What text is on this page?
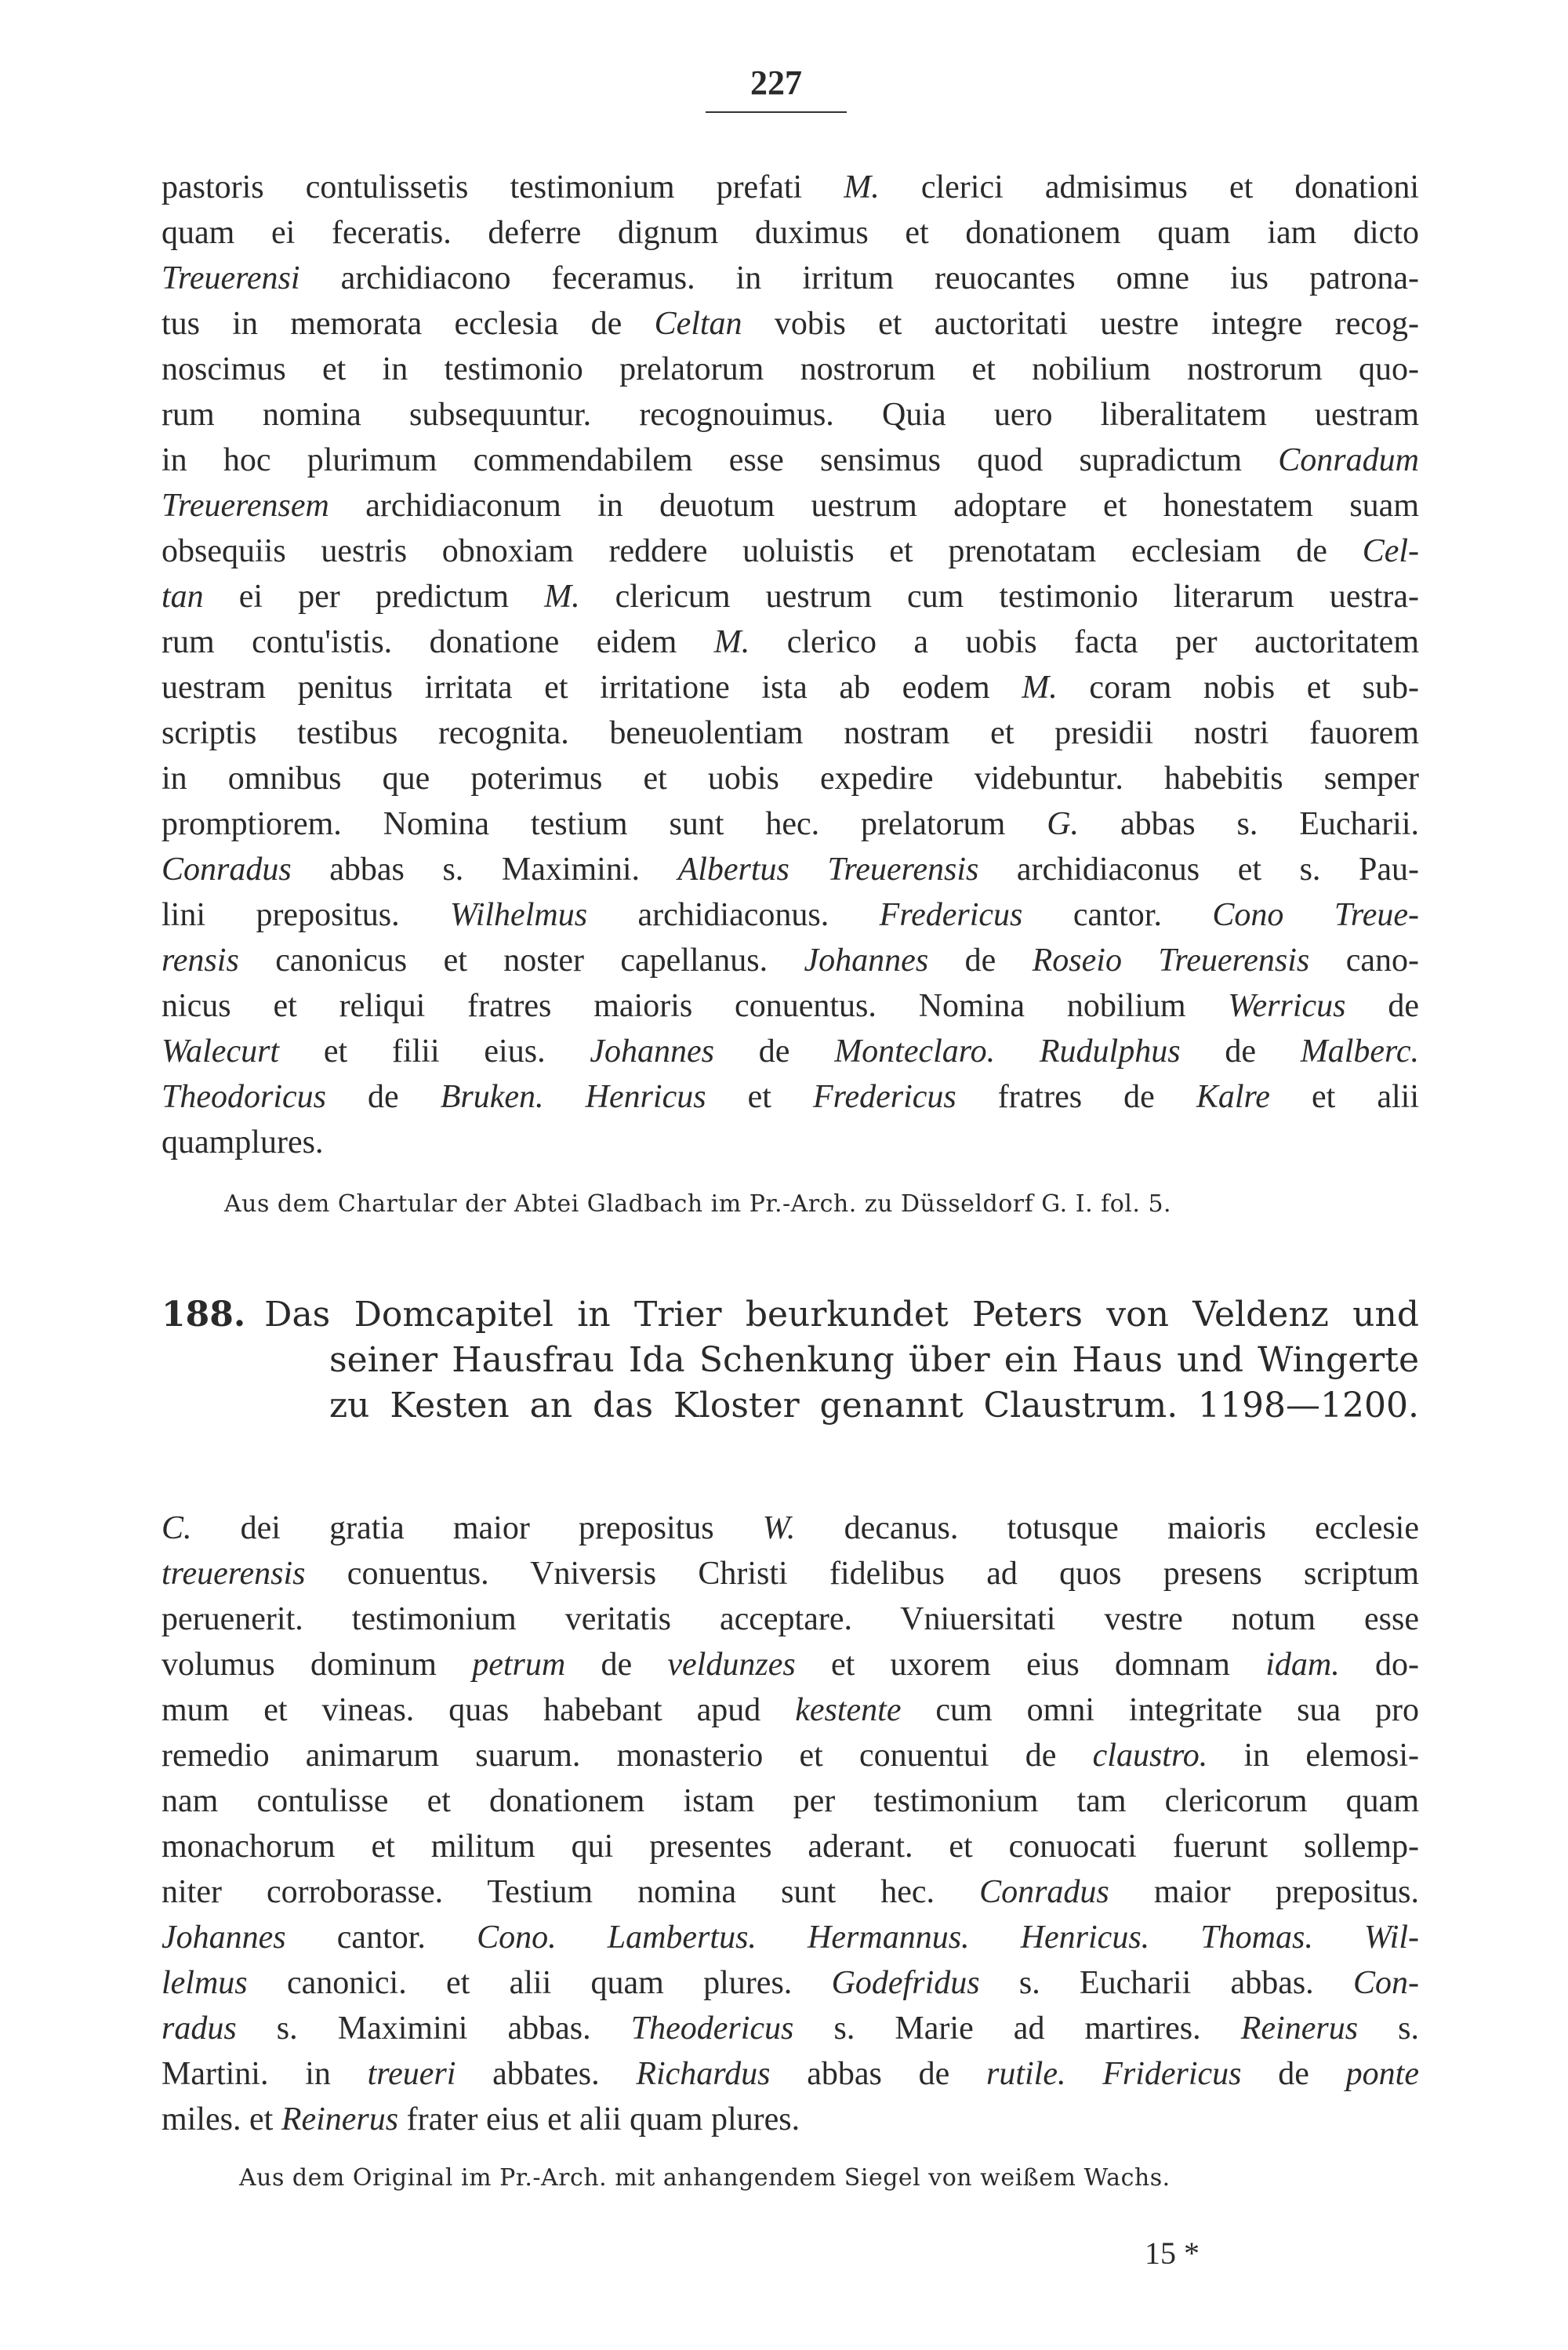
227
pastoris contulissetis testimonium prefati M. clerici admisimus et donationi
quam ei feceratis. deferre dignum duximus et donationem quam iam dicto
Treuerensi archidiacono feceramus. in irritum reuocantes omne ius patrona-
tus in memorata ecclesia de Celtan vobis et auctoritati uestre integre recog-
noscimus et in testimonio prelatorum nostrorum et nobilium nostrorum quo-
rum nomina subsequuntur. recognouimus. Quia uero liberalitatem uestram
in hoc plurimum commendabilem esse sensimus quod supradictum Conradum
Treuerensem archidiaconum in deuotum uestrum adoptare et honestatem suam
obsequiis uestris obnoxiam reddere uoluistis et prenotatam ecclesiam de Cel-
tan ei per predictum M. clericum uestrum cum testimonio literarum uestra-
rum contu'istis. donatione eidem M. clerico a uobis facta per auctoritatem
uestram penitus irritata et irritatione ista ab eodem M. coram nobis et sub-
scriptis testibus recognita. beneuolentiam nostram et presidii nostri fauorem
in omnibus que poterimus et uobis expedire videbuntur. habebitis semper
promptiorem. Nomina testium sunt hec. prelatorum G. abbas s. Eucharii.
Conradus abbas s. Maximini. Albertus Treuerensis archidiaconus et s. Pau-
lini prepositus. Wilhelmus archidiaconus. Fredericus cantor. Cono Treue-
rensis canonicus et noster capellanus. Johannes de Roseio Treuerensis cano-
nicus et reliqui fratres maioris conuentus. Nomina nobilium Werricus de
Walecurt et filii eius. Johannes de Monteclaro. Rudulphus de Malberc.
Theodoricus de Bruken. Henricus et Fredericus fratres de Kalre et alii
quamplures.
Aus dem Chartular der Abtei Gladbach im Pr.-Arch. zu Düsseldorf G. I. fol. 5.
188. Das Domcapitel in Trier beurkundet Peters von Veldenz und
seiner Hausfrau Ida Schenkung über ein Haus und Wingerte
zu Kesten an das Kloster genannt Claustrum. 1198—1200.
C. dei gratia maior prepositus W. decanus. totusque maioris ecclesie
treuerensis conuentus. Vniversis Christi fidelibus ad quos presens scriptum
peruenerit. testimonium veritatis acceptare. Vniuersitati vestre notum esse
volumus dominum petrum de veldunzes et uxorem eius domnam idam. do-
mum et vineas. quas habebant apud kestente cum omni integritate sua pro
remedio animarum suarum. monasterio et conuentui de claustro. in elemosi-
nam contulisse et donationem istam per testimonium tam clericorum quam
monachorum et militum qui presentes aderant. et conuocati fuerunt sollemp-
niter corroborasse. Testium nomina sunt hec. Conradus maior prepositus.
Johannes cantor. Cono. Lambertus. Hermannus. Henricus. Thomas. Wil-
lelmus canonici. et alii quam plures. Godefridus s. Eucharii abbas. Con-
radus s. Maximini abbas. Theodericus s. Marie ad martires. Reinerus s.
Martini. in treueri abbates. Richardus abbas de rutile. Fridericus de ponte
miles. et Reinerus frater eius et alii quam plures.
Aus dem Original im Pr.-Arch. mit anhangendem Siegel von weißem Wachs.
15 *
